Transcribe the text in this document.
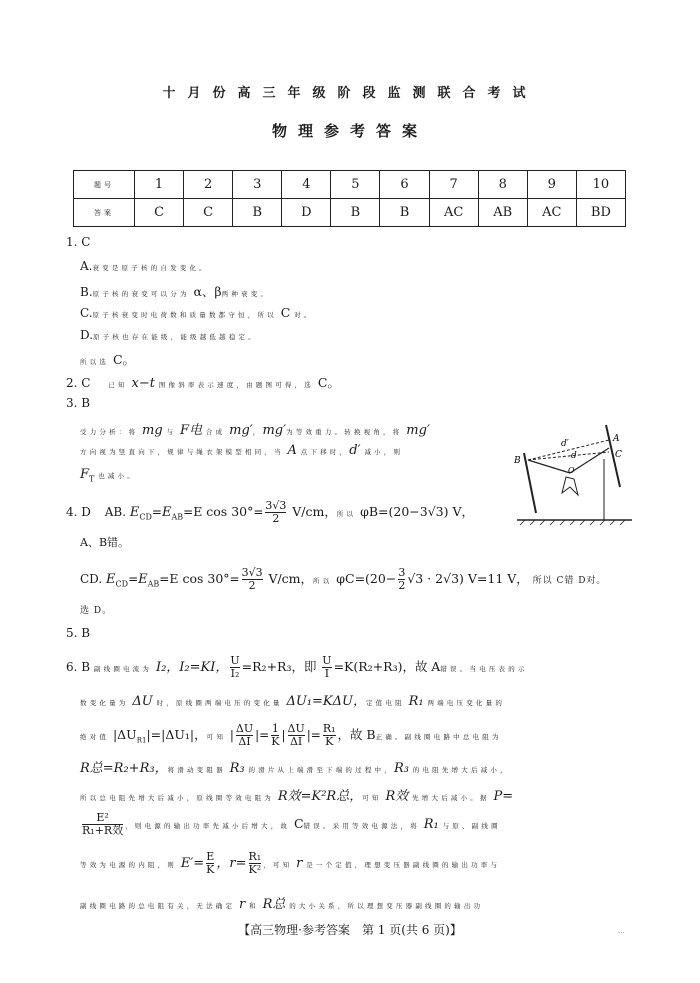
十月份高三年级阶段监测联合考试
物理参考答案
题号	1	2	3	4	5	6	7	8	9	10
答案	C	C	B	D	B	B	AC	AB	AC	BD
1. C
A.衰变是原子核的自发变化。
B.原子核的衰变可以分为 α、β两种衰变。
C.原子核衰变时电荷数和质量数都守恒，所以 C 对。
D.原子核也存在能级，能级越低越稳定。
所以选 C。
2. C	已知 x−t 图像斜率表示速度，由题图可得，选 C。
3. B
受力分析：将 mg 与 F电 合成 mg′，mg′为等效重力。转换视角，将 mg′
方向视为竖直向下，规律与绳衣架模型相同，当 A 点下移时，d′ 减小，则
$F_T$ 也减小。
B
A
C
d′
d
O
4. D AB. $E_{CD}=E_{AB}=E$ $\cos 30^\circ= \frac{3√3}{2} V/cm$，所以 φB=(20−3√3) V，
A、B错。
CD. $E_{CD}=E_{AB}=E$ $\cos 30^\circ= \frac{3√3}{2} V/cm$，所以 $\varphi C=(20- \frac{3}{2} √3 \cdot 2√3)$ V=11 V， 所以 C错 D对。
选 D。
5. B
6. B 副线圈电流为 I₂，I₂=KI， $\frac{U}{\text{I₂}} =R_2+R_3$，即 $\frac{U}{I} =K(R_2+R_3)$，故 A错误。当电压表的示
数变化量为 ΔU 时，原线圈两端电压的变化量 ΔU₁=KΔU，定值电阻 R₁ 两端电压变化量的
绝对值 $|\Delta U_{R1}|=|\Delta U_1|$，可知 | $\frac{\Delta U}{\Delta I}$ |= $\frac{1}{K}$ | $\frac{\Delta U}{\Delta I}$ |= $\frac{\text{R₁}}{K}$ ，故 B正确。副线圈电路中总电阻为
R总=R₂+R₃，将滑动变阻器 R₃ 的滑片从上端滑至下端的过程中，R₃ 的电阻先增大后减小，
所以总电阻先增大后减小，原线圈等效电阻为 R效=K²R总，可知 R效 先增大后减小。据 P=
$\frac{\text{E²}}{\text{R₁+R效}}$ ，则电源的输出功率先减小后增大，故 C错误。采用等效电源法，将 R₁ 与原、副线圈
等效为电源的内阻，则 $E'= \frac{E}{K}$ ，$r= \frac{\text{R₁}}{\text{K²}}$ ，可知 r 是一个定值，理想变压器副线圈的输出功率与
副线圈电路的总电阻有关，无法确定 r 和 R总 的大小关系，所以理想变压器副线圈的输出功
【高三物理·参考答案　第 1 页(共 6 页)】	···
